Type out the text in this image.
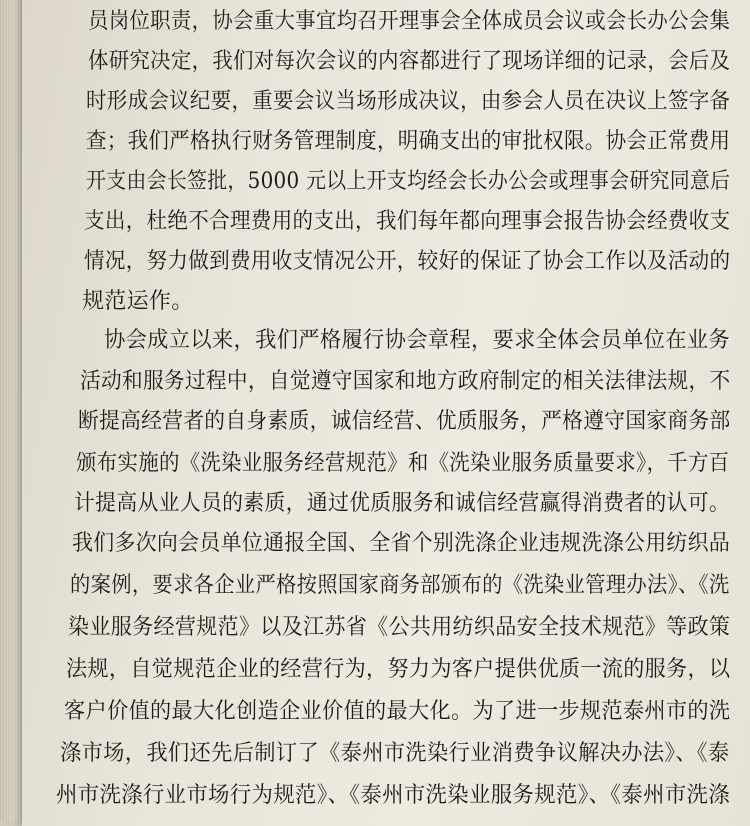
员岗位职责，协会重大事宜均召开理事会全体成员会议或会长办公会集
体研究决定，我们对每次会议的内容都进行了现场详细的记录，会后及
时形成会议纪要，重要会议当场形成决议，由参会人员在决议上签字备
查；我们严格执行财务管理制度，明确支出的审批权限。协会正常费用
开支由会长签批，5000 元以上开支均经会长办公会或理事会研究同意后
支出，杜绝不合理费用的支出，我们每年都向理事会报告协会经费收支
情况，努力做到费用收支情况公开，较好的保证了协会工作以及活动的
规范运作。
协会成立以来，我们严格履行协会章程，要求全体会员单位在业务
活动和服务过程中，自觉遵守国家和地方政府制定的相关法律法规，不
断提高经营者的自身素质，诚信经营、优质服务，严格遵守国家商务部
颁布实施的《洗染业服务经营规范》和《洗染业服务质量要求》，千方百
计提高从业人员的素质，通过优质服务和诚信经营赢得消费者的认可。
我们多次向会员单位通报全国、全省个别洗涤企业违规洗涤公用纺织品
的案例，要求各企业严格按照国家商务部颁布的《洗染业管理办法》、《洗
染业服务经营规范》以及江苏省《公共用纺织品安全技术规范》等政策
法规，自觉规范企业的经营行为，努力为客户提供优质一流的服务，以
客户价值的最大化创造企业价值的最大化。为了进一步规范泰州市的洗
涤市场，我们还先后制订了《泰州市洗染行业消费争议解决办法》、《泰
州市洗涤行业市场行为规范》、《泰州市洗染业服务规范》、《泰州市洗涤
